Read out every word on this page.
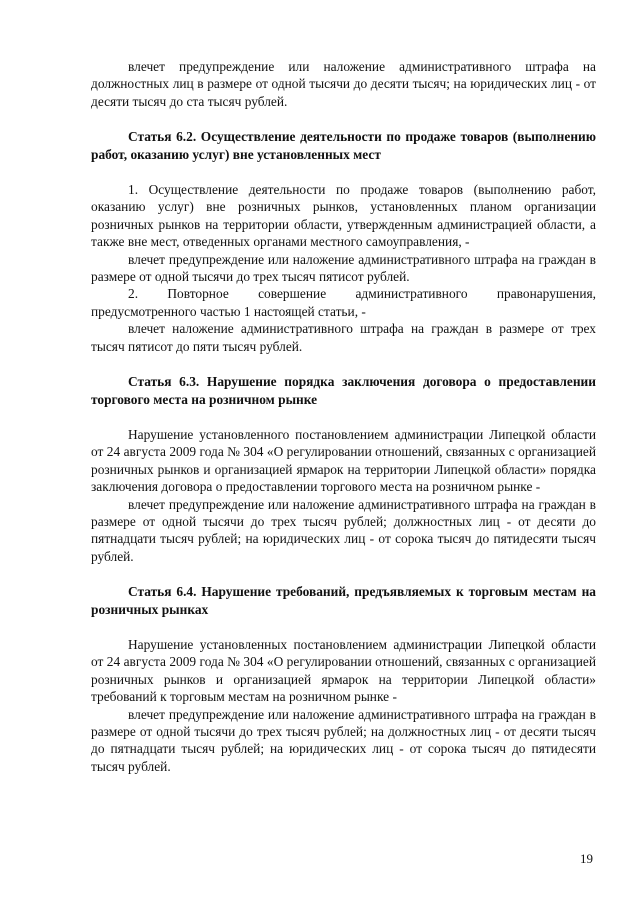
влечет предупреждение или наложение административного штрафа на должностных лиц в размере от одной тысячи до десяти тысяч; на юридических лиц - от десяти тысяч до ста тысяч рублей.

Статья 6.2. Осуществление деятельности по продаже товаров (выполнению работ, оказанию услуг) вне установленных мест

1. Осуществление деятельности по продаже товаров (выполнению работ, оказанию услуг) вне розничных рынков, установленных планом организации розничных рынков на территории области, утвержденным администрацией области, а также вне мест, отведенных органами местного самоуправления, -

влечет предупреждение или наложение административного штрафа на граждан в размере от одной тысячи до трех тысяч пятисот рублей.

2. Повторное совершение административного правонарушения, предусмотренного частью 1 настоящей статьи, -

влечет наложение административного штрафа на граждан в размере от трех тысяч пятисот до пяти тысяч рублей.

Статья 6.3. Нарушение порядка заключения договора о предоставлении торгового места на розничном рынке

Нарушение установленного постановлением администрации Липецкой области от 24 августа 2009 года № 304 «О регулировании отношений, связанных с организацией розничных рынков и организацией ярмарок на территории Липецкой области» порядка заключения договора о предоставлении торгового места на розничном рынке -

влечет предупреждение или наложение административного штрафа на граждан в размере от одной тысячи до трех тысяч рублей; должностных лиц - от десяти до пятнадцати тысяч рублей; на юридических лиц - от сорока тысяч до пятидесяти тысяч рублей.

Статья 6.4. Нарушение требований, предъявляемых к торговым местам на розничных рынках

Нарушение установленных постановлением администрации Липецкой области от 24 августа 2009 года № 304 «О регулировании отношений, связанных с организацией розничных рынков и организацией ярмарок на территории Липецкой области» требований к торговым местам на розничном рынке -

влечет предупреждение или наложение административного штрафа на граждан в размере от одной тысячи до трех тысяч рублей; на должностных лиц - от десяти тысяч до пятнадцати тысяч рублей; на юридических лиц - от сорока тысяч до пятидесяти тысяч рублей.

19
